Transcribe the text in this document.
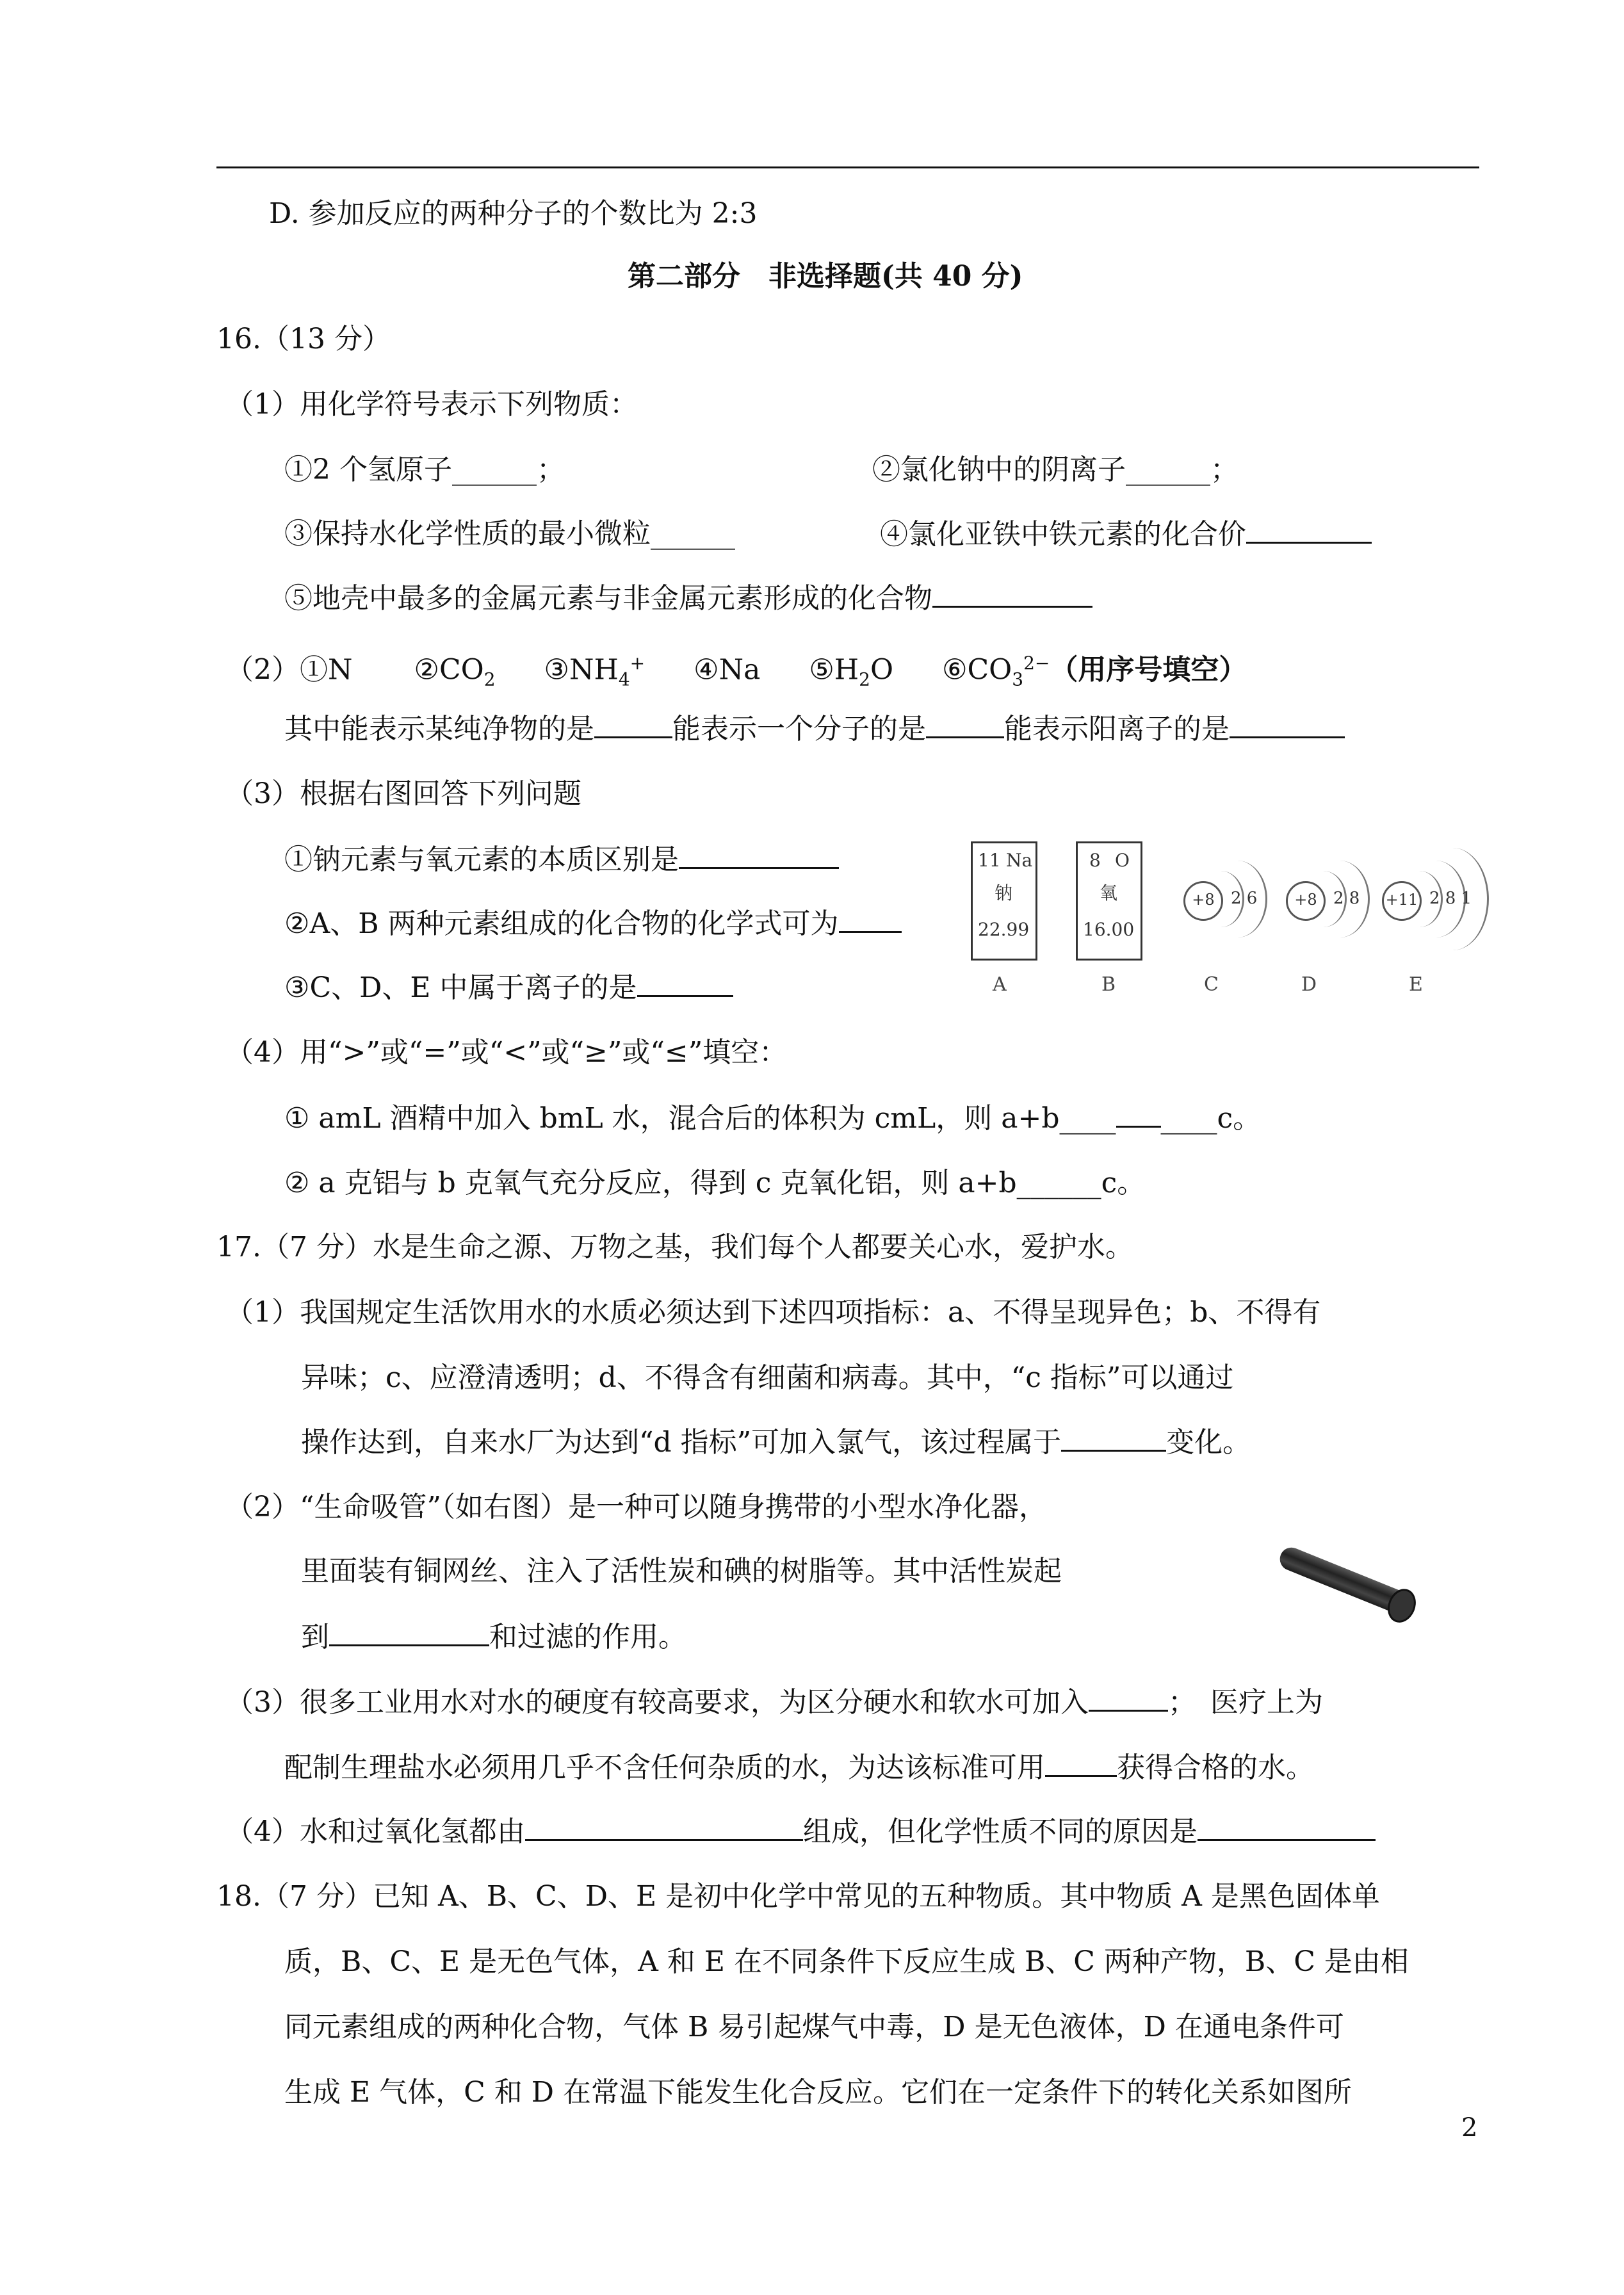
D. 参加反应的两种分子的个数比为 2:3
第二部分　非选择题(共 40 分)
16.（13 分）
（1）用化学符号表示下列物质：
①2 个氢原子______；	②氯化钠中的阴离子______；
③保持水化学性质的最小微粒______	④氯化亚铁中铁元素的化合价
⑤地壳中最多的金属元素与非金属元素形成的化合物
（2）①N $②CO_2$ $③NH_4^+$ ④Na $⑤H_2O$ $⑥CO_3^{2-}$（用序号填空）
其中能表示某纯净物的是	能表示一个分子的是	能表示阳离子的是
（3）根据右图回答下列问题
①钠元素与氧元素的本质区别是
②A、B 两种元素组成的化合物的化学式可为
③C、D、E 中属于离子的是
11 Na
钠
22.99
A
8 O
氧
16.00
B
+8 2 6
C
+8 2 8
D
+11 2 8 1
E
（4）用“>”或“=”或“<”或“≥”或“≤”填空：
① amL 酒精中加入 bmL 水，混合后的体积为 cmL，则 a+b____ ____c。
② a 克铝与 b 克氧气充分反应，得到 c 克氧化铝，则 a+b______c。
17.（7 分）水是生命之源、万物之基，我们每个人都要关心水，爱护水。
（1）我国规定生活饮用水的水质必须达到下述四项指标：a、不得呈现异色；b、不得有
异味；c、应澄清透明；d、不得含有细菌和病毒。其中，“c 指标”可以通过
操作达到，自来水厂为达到“d 指标”可加入氯气，该过程属于	变化。
（2）“生命吸管”（如右图）是一种可以随身携带的小型水净化器，
里面装有铜网丝、注入了活性炭和碘的树脂等。其中活性炭起
到	和过滤的作用。
（3）很多工业用水对水的硬度有较高要求，为区分硬水和软水可加入	；　医疗上为
配制生理盐水必须用几乎不含任何杂质的水，为达该标准可用	获得合格的水。
（4）水和过氧化氢都由	组成，但化学性质不同的原因是
18.（7 分）已知 A、B、C、D、E 是初中化学中常见的五种物质。其中物质 A 是黑色固体单
质，B、C、E 是无色气体，A 和 E 在不同条件下反应生成 B、C 两种产物，B、C 是由相
同元素组成的两种化合物，气体 B 易引起煤气中毒，D 是无色液体，D 在通电条件可
生成 E 气体，C 和 D 在常温下能发生化合反应。它们在一定条件下的转化关系如图所
2
